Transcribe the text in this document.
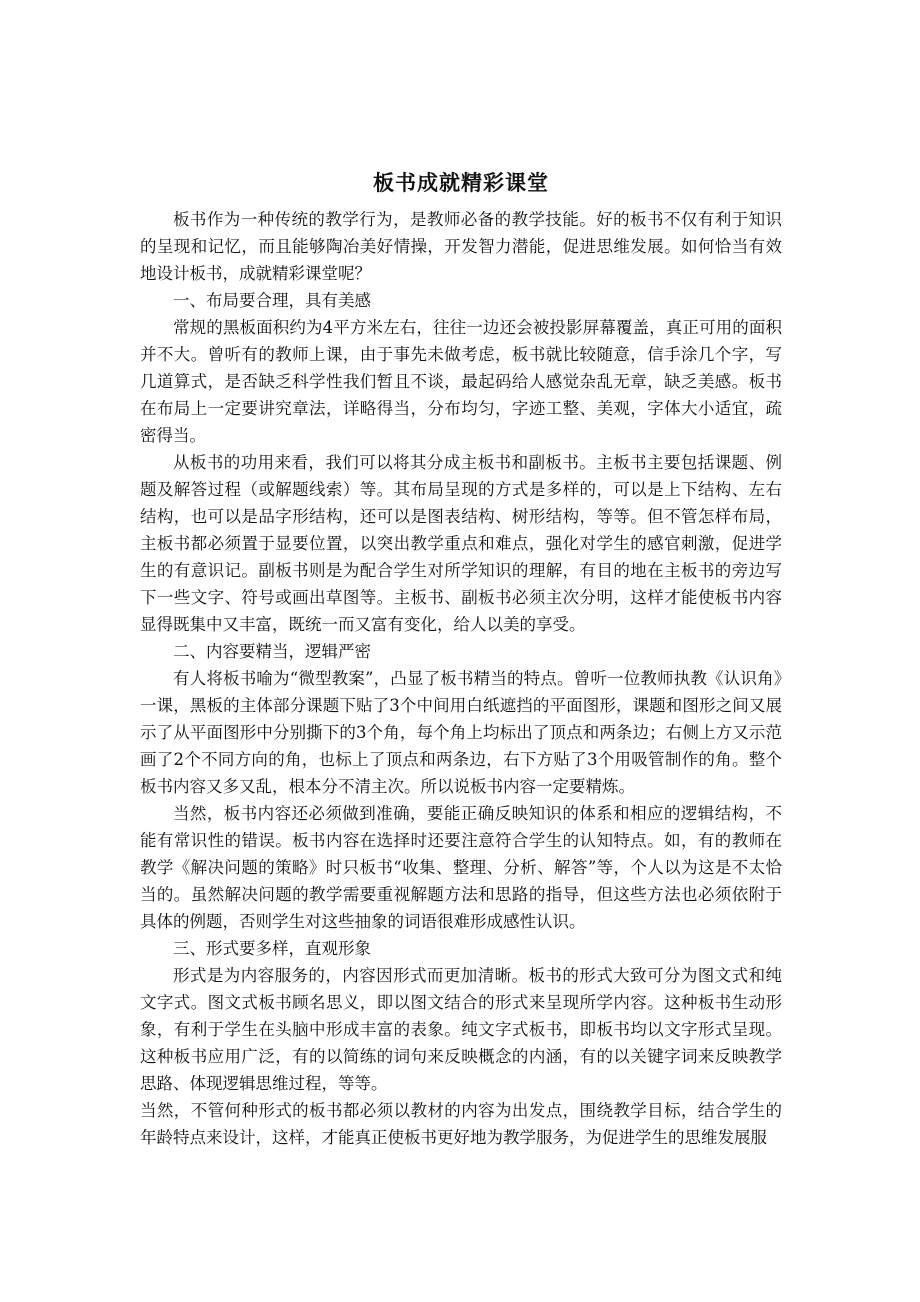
板书成就精彩课堂

板书作为一种传统的教学行为，是教师必备的教学技能。好的板书不仅有利于知识的呈现和记忆，而且能够陶冶美好情操，开发智力潜能，促进思维发展。如何恰当有效地设计板书，成就精彩课堂呢？

一、布局要合理，具有美感

常规的黑板面积约为4平方米左右，往往一边还会被投影屏幕覆盖，真正可用的面积并不大。曾听有的教师上课，由于事先未做考虑，板书就比较随意，信手涂几个字，写几道算式，是否缺乏科学性我们暂且不谈，最起码给人感觉杂乱无章，缺乏美感。板书在布局上一定要讲究章法，详略得当，分布均匀，字迹工整、美观，字体大小适宜，疏密得当。

从板书的功用来看，我们可以将其分成主板书和副板书。主板书主要包括课题、例题及解答过程（或解题线索）等。其布局呈现的方式是多样的，可以是上下结构、左右结构，也可以是品字形结构，还可以是图表结构、树形结构，等等。但不管怎样布局，主板书都必须置于显要位置，以突出教学重点和难点，强化对学生的感官刺激，促进学生的有意识记。副板书则是为配合学生对所学知识的理解，有目的地在主板书的旁边写下一些文字、符号或画出草图等。主板书、副板书必须主次分明，这样才能使板书内容显得既集中又丰富，既统一而又富有变化，给人以美的享受。

二、内容要精当，逻辑严密

有人将板书喻为“微型教案”，凸显了板书精当的特点。曾听一位教师执教《认识角》一课，黑板的主体部分课题下贴了3个中间用白纸遮挡的平面图形，课题和图形之间又展示了从平面图形中分别撕下的3个角，每个角上均标出了顶点和两条边；右侧上方又示范画了2个不同方向的角，也标上了顶点和两条边，右下方贴了3个用吸管制作的角。整个板书内容又多又乱，根本分不清主次。所以说板书内容一定要精炼。

当然，板书内容还必须做到准确，要能正确反映知识的体系和相应的逻辑结构，不能有常识性的错误。板书内容在选择时还要注意符合学生的认知特点。如，有的教师在教学《解决问题的策略》时只板书“收集、整理、分析、解答”等，个人以为这是不太恰当的。虽然解决问题的教学需要重视解题方法和思路的指导，但这些方法也必须依附于具体的例题，否则学生对这些抽象的词语很难形成感性认识。

三、形式要多样，直观形象

形式是为内容服务的，内容因形式而更加清晰。板书的形式大致可分为图文式和纯文字式。图文式板书顾名思义，即以图文结合的形式来呈现所学内容。这种板书生动形象，有利于学生在头脑中形成丰富的表象。纯文字式板书，即板书均以文字形式呈现。这种板书应用广泛，有的以简练的词句来反映概念的内涵，有的以关键字词来反映教学思路、体现逻辑思维过程，等等。

当然，不管何种形式的板书都必须以教材的内容为出发点，围绕教学目标，结合学生的年龄特点来设计，这样，才能真正使板书更好地为教学服务，为促进学生的思维发展服
